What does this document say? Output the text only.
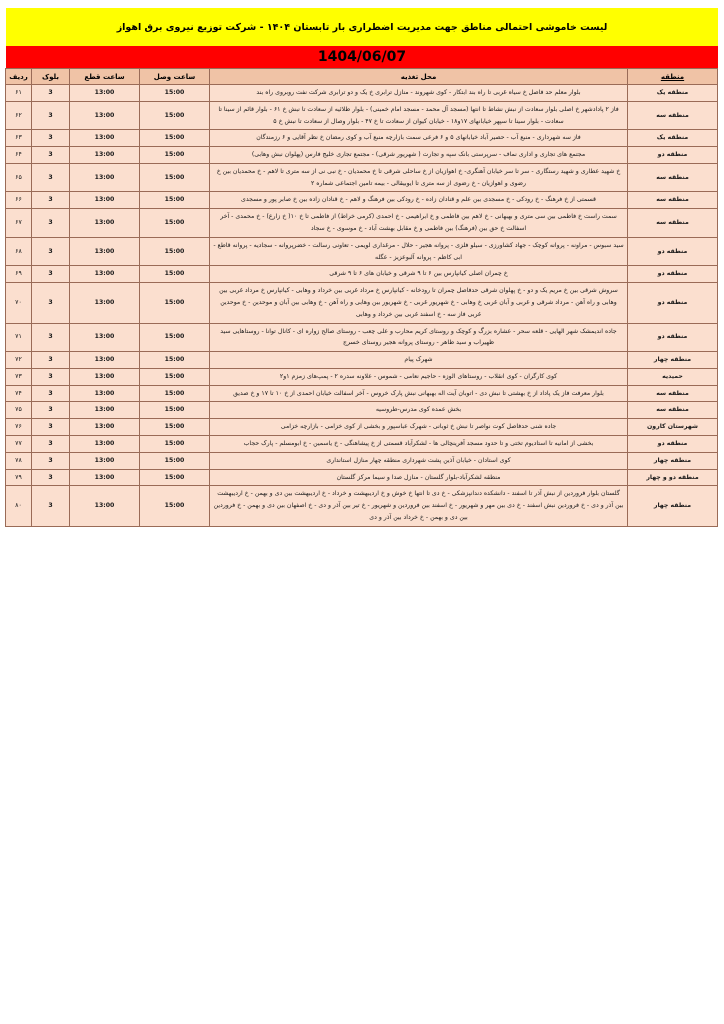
لیست خاموشی احتمالی مناطق جهت مدیریت اضطراری بار تابستان ۱۴۰۴ - شرکت توزیع نیروی برق اهواز
1404/06/07
منطقه	محل تغذیه	ساعت وصل	ساعت قطع	بلوک	ردیف
منطقه یک	بلوار معلم حد فاصل خ سیاه غربی تا راه بند ابتکار - کوی شهروند - منازل ترابری خ یک و دو ترابری شرکت نفت روبروی راه بند	15:00	13:00	3	۶۱
منطقه سه	فاز ۲ پاداد‌شهر خ اصلی بلوار سعادت از نبش نشاط تا انتها (مسجد آل محمد - مسجد امام خمینی) - بلوار طلائیه از سعادت تا نبش خ ۶۱ - بلوار قائم از سینا تا سعادت - بلوار سینا تا سپهر خیابانهای ۱۷و۱۸ - خیابان کیوان از سعادت تا خ ۴۷ - بلوار وصال از سعادت تا نبش خ ۵	15:00	13:00	3	۶۲
منطقه یک	فاز سه شهرداری - منبع آب - حصیر آباد خیابانهای ۵ و ۶ فرعی سمت بازارچه منبع آب و کوی رمضان خ نظر آقایی و ۶ رزمندگان	15:00	13:00	3	۶۳
منطقه دو	مجتمع های تجاری و اداری نماف - سرپرستی بانک سپه و تجارت ( شهریور شرقی) - مجتمع تجاری خلیج فارس (پهلوان نبش وهابی)	15:00	13:00	3	۶۴
منطقه سه	خ شهید عطاری و شهید رستگاری - سر تا سر خیابان آهنگری- خ اهوازیان از خ ساحلی شرقی تا خ محمدیان - خ نبی نی از سه متری تا لاهم - خ محمدیان بین خ رضوی و اهوازیان - خ رضوی از سه متری تا ایوبیقالی - بیمه تامین اجتماعی شماره ۲	15:00	13:00	3	۶۵
منطقه سه	قسمتی از خ فرهنگ - خ رودکی - خ مسجدی بین علم و قنادان زاده - خ رودکی بین فرهنگ و لاهم - خ قنادان زاده بین خ صابر پور و مسجدی	15:00	13:00	3	۶۶
منطقه سه	سمت راست خ فاطمی بین سی متری و بهبهانی - خ لاهم بین فاطمی و خ ابراهیمی - خ احمدی (کرمی خراط) از فاطمی تا خ ۱۰( خ زارع) - خ محمدی - آخر اسفالت خ حق بین (فرهنگ) بین فاطمی و خ مقابل بهشت آباد - خ موسوی - خ سجاد	15:00	13:00	3	۶۷
منطقه دو	سید سبوس - مراونه - پروانه کوچک - جهاد کشاورزی - سیلو فلزی - پروانه هجیر - حلال - مرغداری لویمی - تعاونی رسالت - خضرپروانه - سجادیه - پروانه قاطع - ابی کاظم - پروانه آلبوعزیز - عگله	15:00	13:00	3	۶۸
منطقه دو	خ چمران اصلی کیانپارس بین ۶ تا ۹ شرقی و خیابان های ۶ تا ۹ شرقی	15:00	13:00	3	۶۹
منطقه دو	سروش شرقی بین خ مریم یک و دو - خ پهلوان شرقی حدفاصل چمران تا رودخانه - کیانپارس خ مرداد غربی بین خرداد و وهابی - کیانپارس خ مرداد غربی بین وهابی و راه آهن - مرداد شرقی و غربی و آبان غربی خ وهابی - خ شهریور غربی - خ شهریور بین وهابی و راه آهن - خ وهابی بین آبان و موحدین - خ موحدین غربی فاز سه - خ اسفند غربی بین خرداد و وهابی	15:00	13:00	3	۷۰
منطقه دو	جاده اندیمشک شهر الهایی - قلعه سحر - عشاره بزرگ و کوچک و روستای کریم محارب و علی چعب - روستای صالح زواره ای - کانال توانا - روستاهایی سید ظهیراب و سید طاهر - روستای پروانه هجیر روستای خسرج	15:00	13:00	3	۷۱
منطقه چهار	شهرک پیام	15:00	13:00	3	۷۲
حمیدیه	کوی کارگران - کوی انقلاب - روستاهای الوزه - حاجیم نعامی - شموس - علاونه سدره ۲ - پمپ‌های زمزم ۱و۲	15:00	13:00	3	۷۳
منطقه سه	بلوار معرفت فاز یک پاداد از خ بهشتی تا نبش دی - اتوبان آیت اله بهبهانی نبش پارک خروس - آخر اسفالت خیابان احمدی از خ ۱۰ تا ۱۷ و خ صدیق	15:00	13:00	3	۷۴
منطقه سه	بخش عمده کوی مدرس-طروسیه	15:00	13:00	3	۷۵
شهرستان کارون	جاده شنی حدفاصل کوت نواصر تا نبش خ ثوبانی - شهرک عباسپور و بخشی از کوی خزامی - بازارچه خزامی	15:00	13:00	3	۷۶
منطقه دو	بخشی از امانیه تا استادیوم تختی و تا حدود مسجد آفرینچالی ها - لشکرآباد قسمتی از خ پیشاهنگی - خ یاسمین - خ ابومسلم - پارک حجاب	15:00	13:00	3	۷۷
منطقه چهار	کوی استادان - خیابان آذین پشت شهرداری منطقه چهار منازل استانداری	15:00	13:00	3	۷۸
منطقه دو و چهار	منطقه لشکرآباد-بلوار گلستان - منازل صدا و سیما مرکز گلستان	15:00	13:00	3	۷۹
منطقه چهار	گلستان بلوار فروردین از نبش آذر تا اسفند - دانشکده دندانپزشکی - خ دی تا انتها خ خوش و خ اردیبهشت و خرداد - خ اردیبهشت بین دی و بهمن - خ اردیبهشت بین آذر و دی - خ فروردین نبش اسفند - خ دی بین مهر و شهریور - خ اسفند بین فروردین و شهریور - خ تیر بین آذر و دی - خ اصفهان بین دی و بهمن - خ فروردین بین دی و بهمن - خ خرداد بین آذر و دی	15:00	13:00	3	۸۰
